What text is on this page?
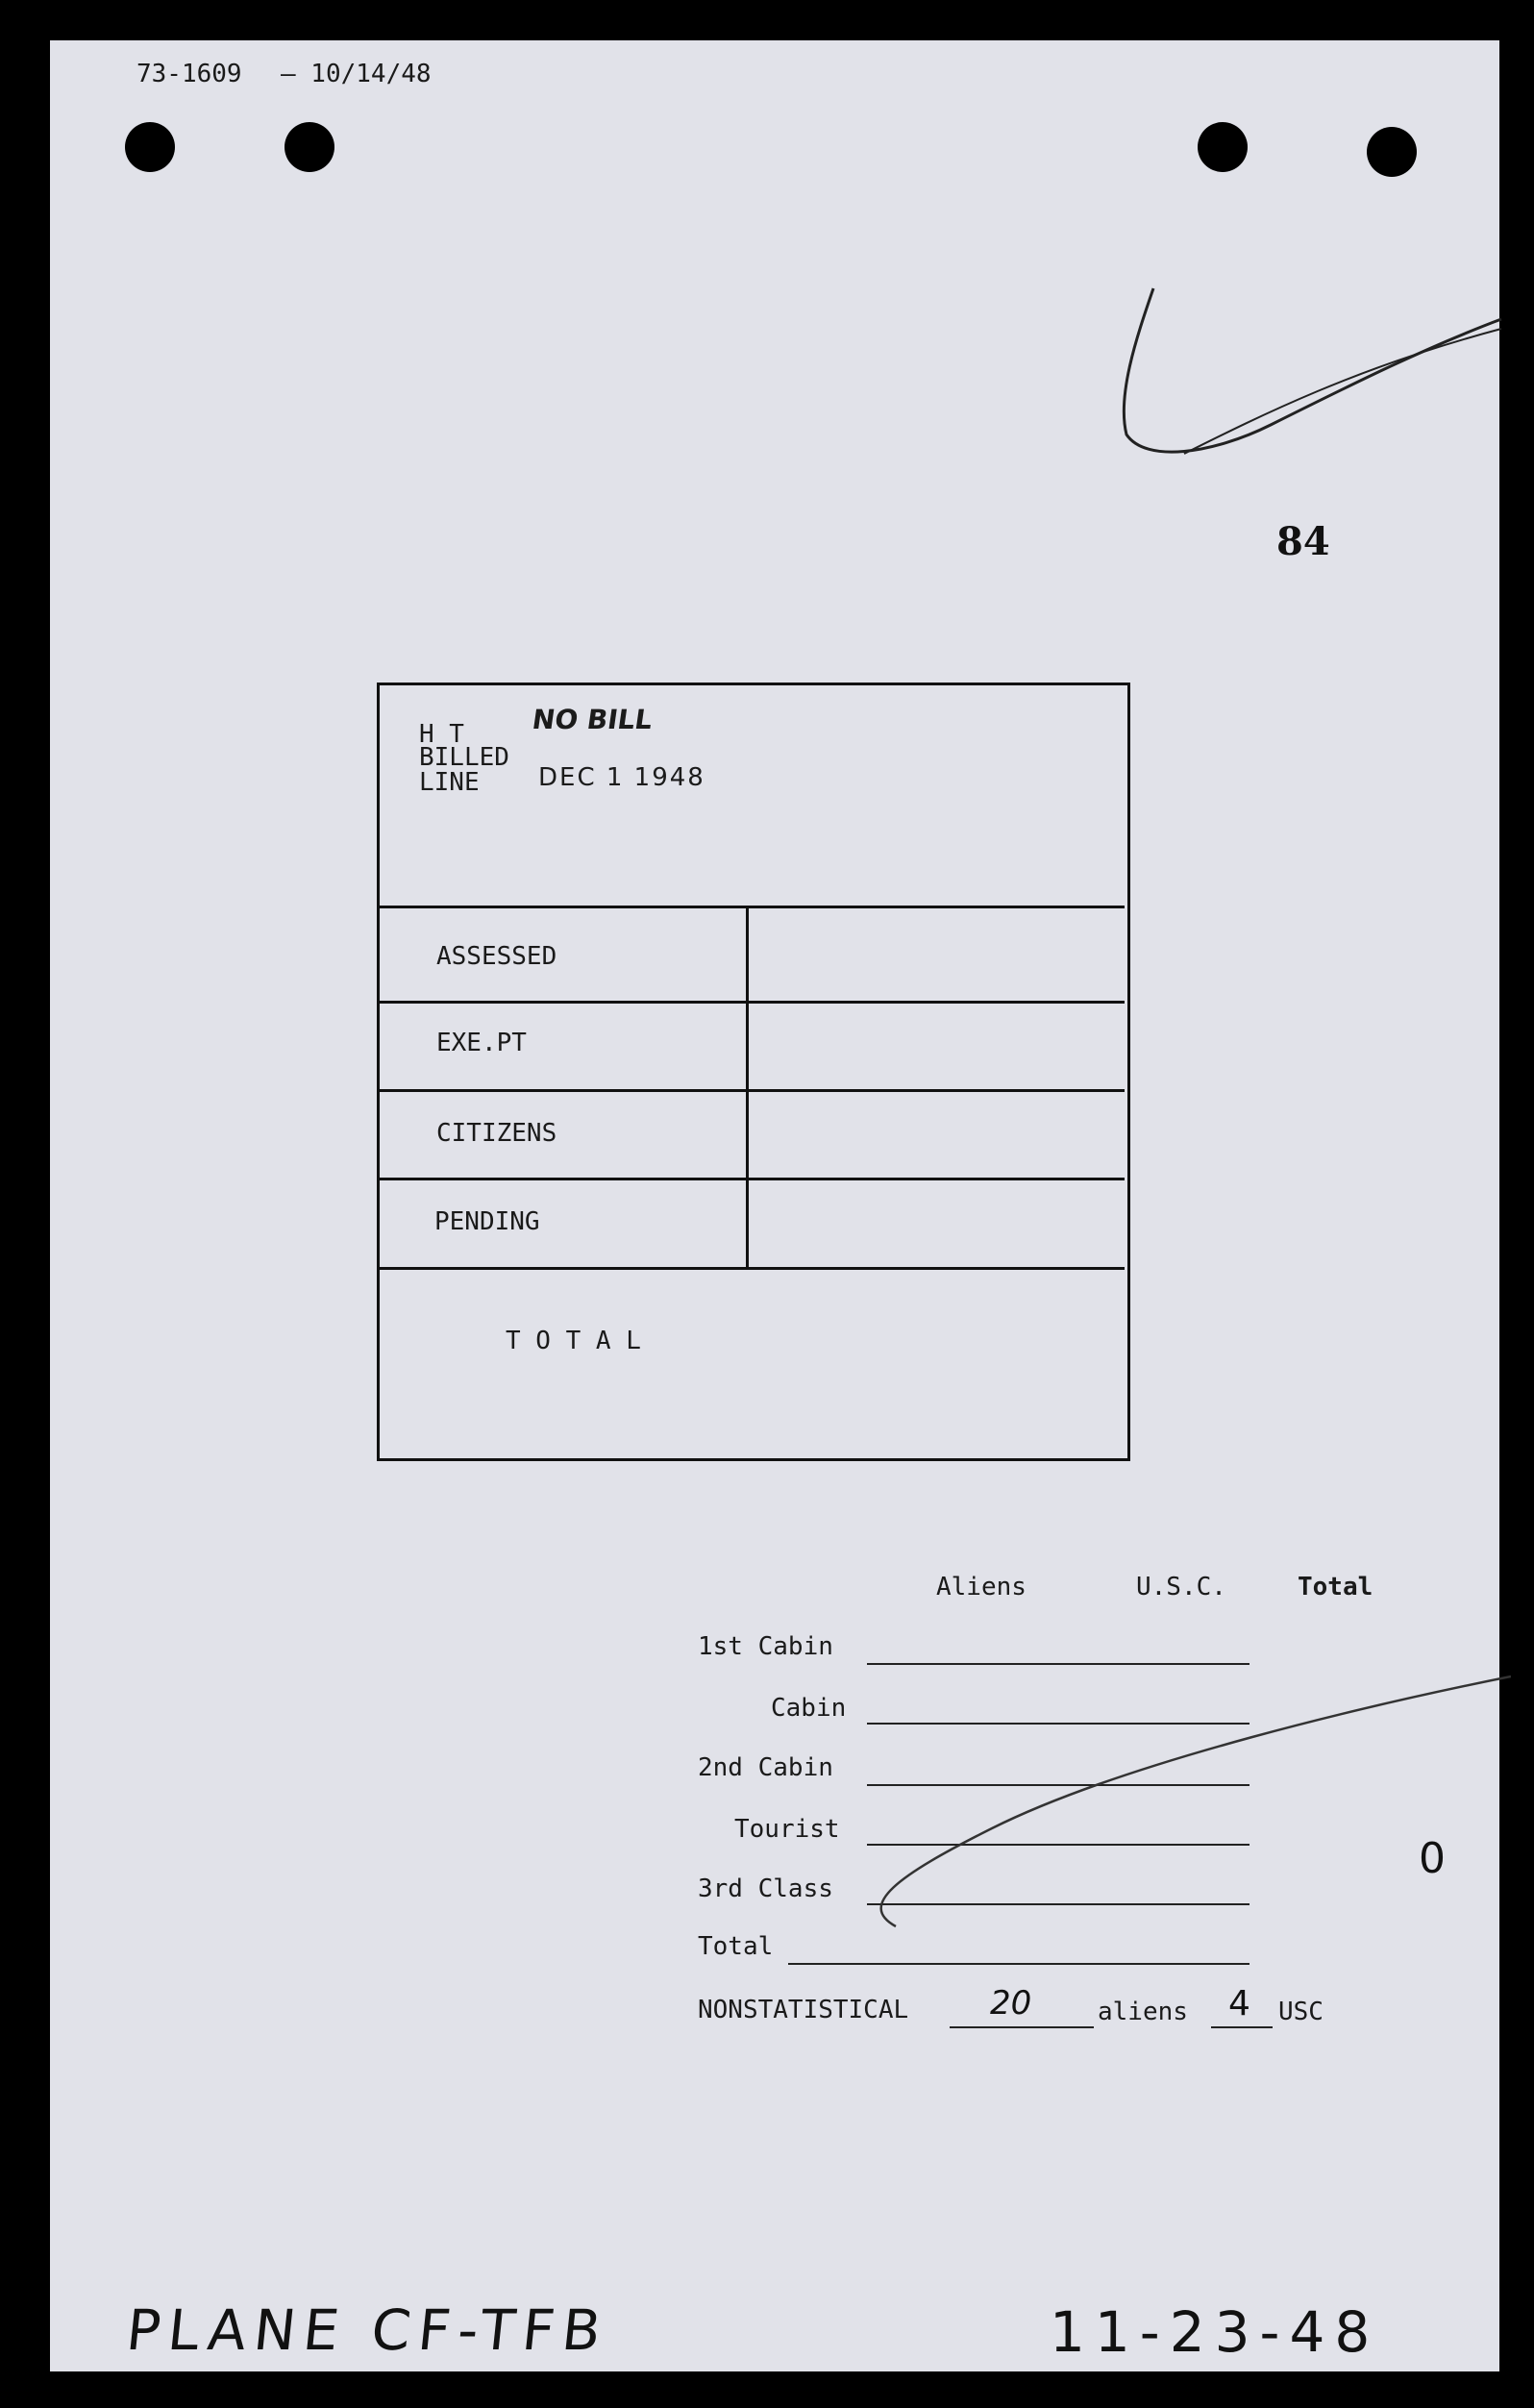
73-1609 – 10/14/48
84
H T
BILLED
LINE
NO BILL
DEC 1 1948
ASSESSED
EXE.PT
CITIZENS
PENDING
T O T A L
Aliens	U.S.C.	Total
1st Cabin
Cabin
2nd Cabin
Tourist
3rd Class
Total
NONSTATISTICAL 20	aliens 4 USC
0
PLANE CF-TFB	11-23-48
